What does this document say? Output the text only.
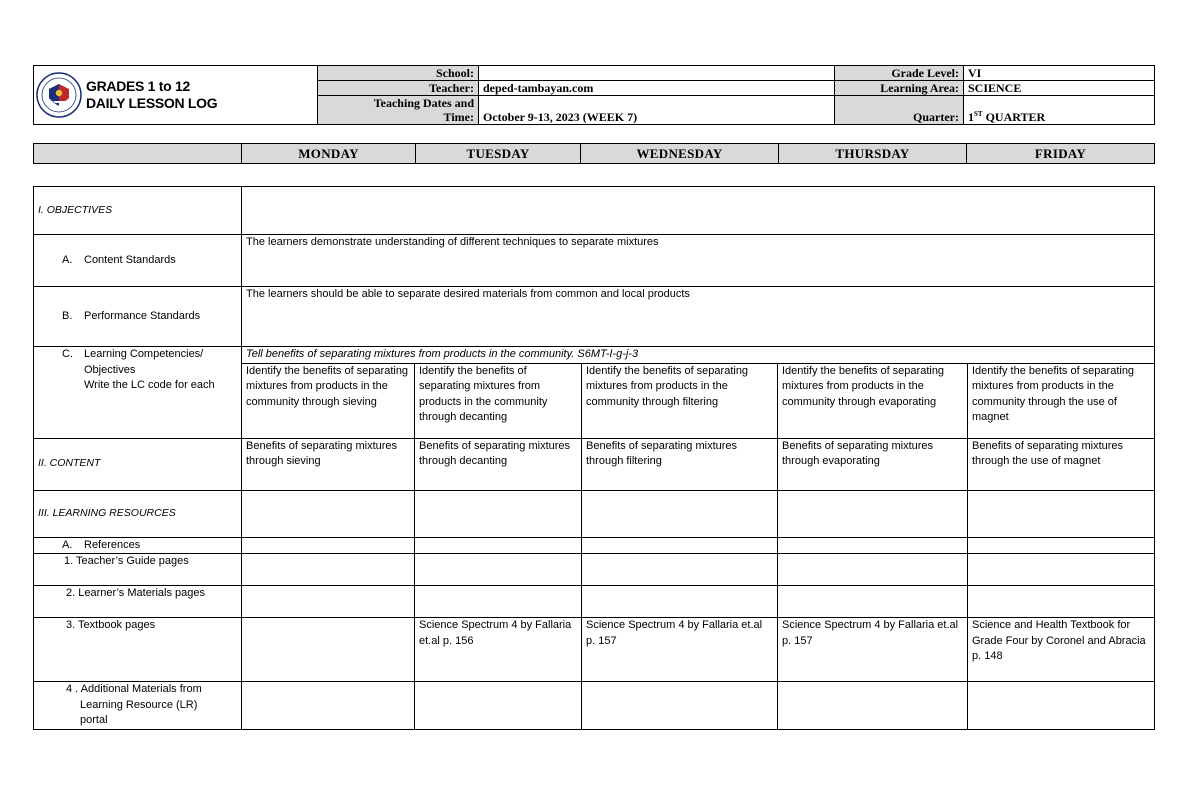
GRADES 1 to 12
DAILY LESSON LOG	School:		Grade Level:	VI
	Teacher:	deped-tambayan.com	Learning Area:	SCIENCE

	Teaching Dates and
Time:	October 9-13, 2023 (WEEK 7)	Quarter:	1ST QUARTER
	MONDAY	TUESDAY	WEDNESDAY	THURSDAY	FRIDAY
I. OBJECTIVES					
A. Content Standards	The learners demonstrate understanding of different techniques to separate mixtures				
B. Performance Standards	The learners should be able to separate desired materials from common and local products				

C. Learning Competencies/
Objectives
Write the LC code for each	Tell benefits of separating mixtures from products in the community. S6MT-I-g-j-3				
	Identify the benefits of separating mixtures from products in the community through sieving	Identify the benefits of separating mixtures from products in the community through decanting	Identify the benefits of separating mixtures from products in the community through filtering	Identify the benefits of separating mixtures from products in the community through evaporating	Identify the benefits of separating mixtures from products in the community through the use of magnet
II. CONTENT	Benefits of separating mixtures through sieving	Benefits of separating mixtures through decanting	Benefits of separating mixtures through filtering	Benefits of separating mixtures through evaporating	Benefits of separating mixtures through the use of magnet
III. LEARNING RESOURCES					
A. References					
1. Teacher’s Guide pages					
2. Learner’s Materials pages					
3. Textbook pages		Science Spectrum 4 by Fallaria et.al p. 156	Science Spectrum 4 by Fallaria et.al p. 157	Science Spectrum 4 by Fallaria et.al p. 157	Science and Health Textbook for Grade Four by Coronel and Abracia p. 148

4 . Additional Materials from
Learning Resource (LR)
portal					
